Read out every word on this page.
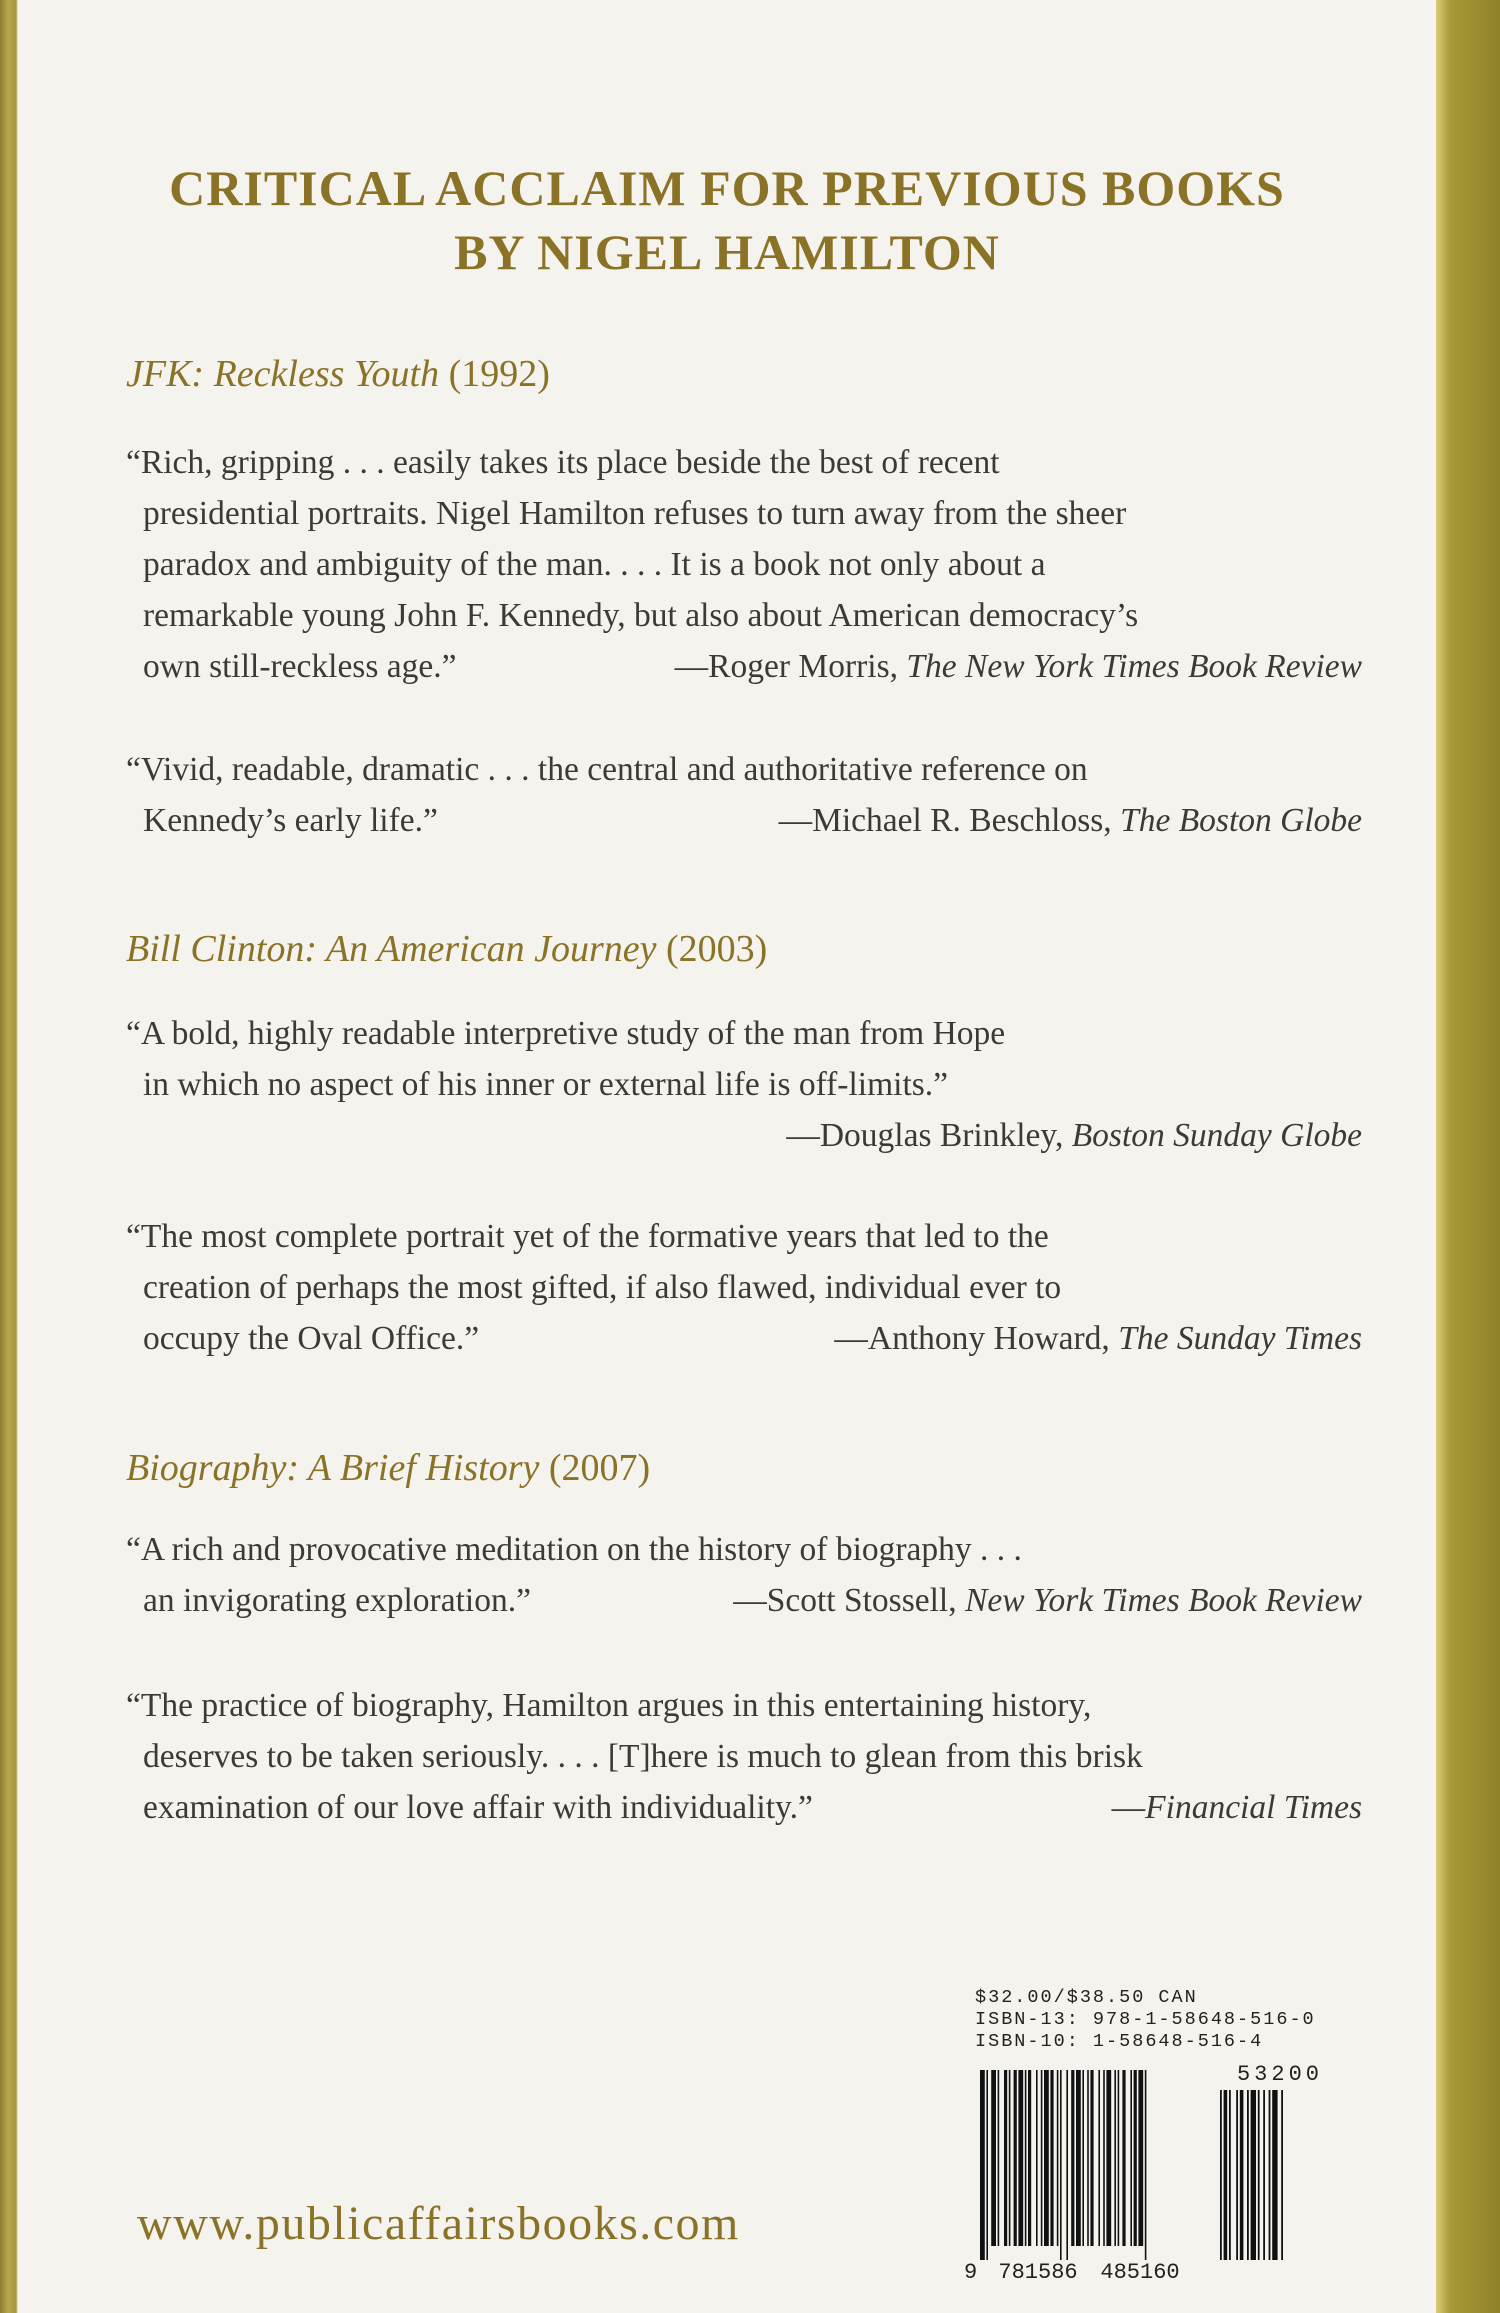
CRITICAL ACCLAIM FOR PREVIOUS BOOKS
BY NIGEL HAMILTON
JFK: Reckless Youth (1992)
“Rich, gripping . . . easily takes its place beside the best of recent
presidential portraits. Nigel Hamilton refuses to turn away from the sheer
paradox and ambiguity of the man. . . . It is a book not only about a
remarkable young John F. Kennedy, but also about American democracy’s
own still-reckless age.”	—Roger Morris, The New York Times Book Review
“Vivid, readable, dramatic . . . the central and authoritative reference on
Kennedy’s early life.”	—Michael R. Beschloss, The Boston Globe
Bill Clinton: An American Journey (2003)
“A bold, highly readable interpretive study of the man from Hope
in which no aspect of his inner or external life is off-limits.”
—Douglas Brinkley, Boston Sunday Globe
“The most complete portrait yet of the formative years that led to the
creation of perhaps the most gifted, if also flawed, individual ever to
occupy the Oval Office.”	—Anthony Howard, The Sunday Times
Biography: A Brief History (2007)
“A rich and provocative meditation on the history of biography . . .
an invigorating exploration.”	—Scott Stossell, New York Times Book Review
“The practice of biography, Hamilton argues in this entertaining history,
deserves to be taken seriously. . . . [T]here is much to glean from this brisk
examination of our love affair with individuality.”	—Financial Times
$32.00/$38.50 CAN
ISBN-13: 978-1-58648-516-0
ISBN-10: 1-58648-516-4
53200
9 781586 485160
www.publicaffairsbooks.com
